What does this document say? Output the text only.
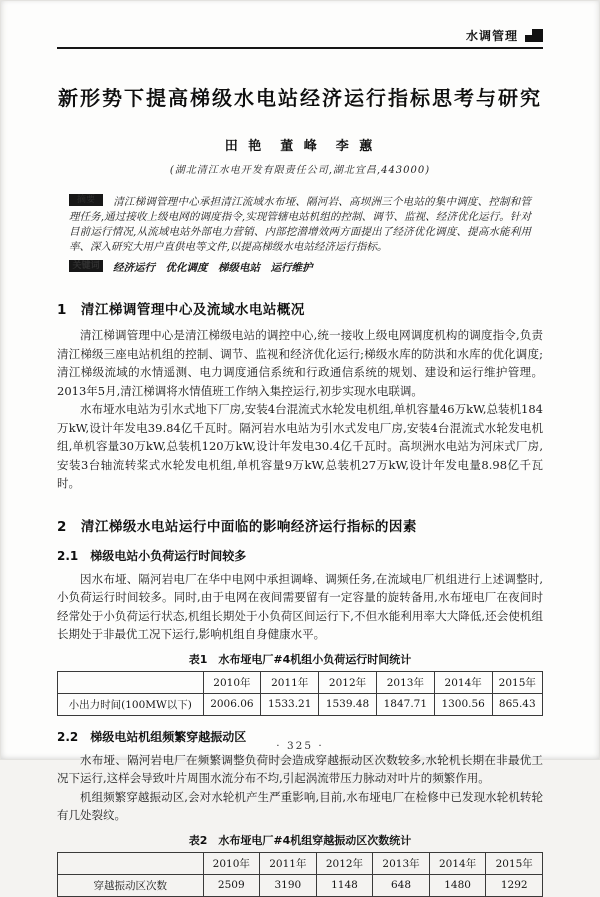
水调管理
新形势下提高梯级水电站经济运行指标思考与研究
田 艳　董 峰　李 蕙
(湖北清江水电开发有限责任公司,湖北宜昌,443000)
摘要 清江梯调管理中心承担清江流域水布垭、隔河岩、高坝洲三个电站的集中调度、控制和管理任务,通过接收上级电网的调度指令,实现管辖电站机组的控制、调节、监视、经济优化运行。针对目前运行情况,从流域电站外部电力营销、内部挖潜增效两方面提出了经济优化调度、提高水能利用率、深入研究大用户直供电等文件,以提高梯级水电站经济运行指标。
关键词 经济运行　优化调度　梯级电站　运行维护
1　清江梯调管理中心及流域水电站概况

清江梯调管理中心是清江梯级电站的调控中心,统一接收上级电网调度机构的调度指令,负责清江梯级三座电站机组的控制、调节、监视和经济优化运行;梯级水库的防洪和水库的优化调度;清江梯级流域的水情遥测、电力调度通信系统和行政通信系统的规划、建设和运行维护管理。2013年5月,清江梯调将水情值班工作纳入集控运行,初步实现水电联调。

水布垭水电站为引水式地下厂房,安装4台混流式水轮发电机组,单机容量46万kW,总装机184万kW,设计年发电39.84亿千瓦时。隔河岩水电站为引水式发电厂房,安装4台混流式水轮发电机组,单机容量30万kW,总装机120万kW,设计年发电30.4亿千瓦时。高坝洲水电站为河床式厂房,安装3台轴流转桨式水轮发电机组,单机容量9万kW,总装机27万kW,设计年发电量8.98亿千瓦时。

2　清江梯级水电站运行中面临的影响经济运行指标的因素
2.1　梯级电站小负荷运行时间较多

因水布垭、隔河岩电厂在华中电网中承担调峰、调频任务,在流域电厂机组进行上述调整时,小负荷运行时间较多。同时,由于电网在夜间需要留有一定容量的旋转备用,水布垭电厂在夜间时经常处于小负荷运行状态,机组长期处于小负荷区间运行下,不但水能利用率大大降低,还会使机组长期处于非最优工况下运行,影响机组自身健康水平。

表1　水布垭电厂#4机组小负荷运行时间统计
	2010年	2011年	2012年	2013年	2014年	2015年
小出力时间(100MW以下)	2006.06	1533.21	1539.48	1847.71	1300.56	865.43
2.2　梯级电站机组频繁穿越振动区

水布垭、隔河岩电厂在频繁调整负荷时会造成穿越振动区次数较多,水轮机长期在非最优工况下运行,这样会导致叶片周围水流分布不均,引起涡流带压力脉动对叶片的频繁作用。

机组频繁穿越振动区,会对水轮机产生严重影响,目前,水布垭电厂在检修中已发现水轮机转轮有几处裂纹。

表2　水布垭电厂#4机组穿越振动区次数统计
	2010年	2011年	2012年	2013年	2014年	2015年
穿越振动区次数	2509	3190	1148	648	1480	1292
· 325 ·
